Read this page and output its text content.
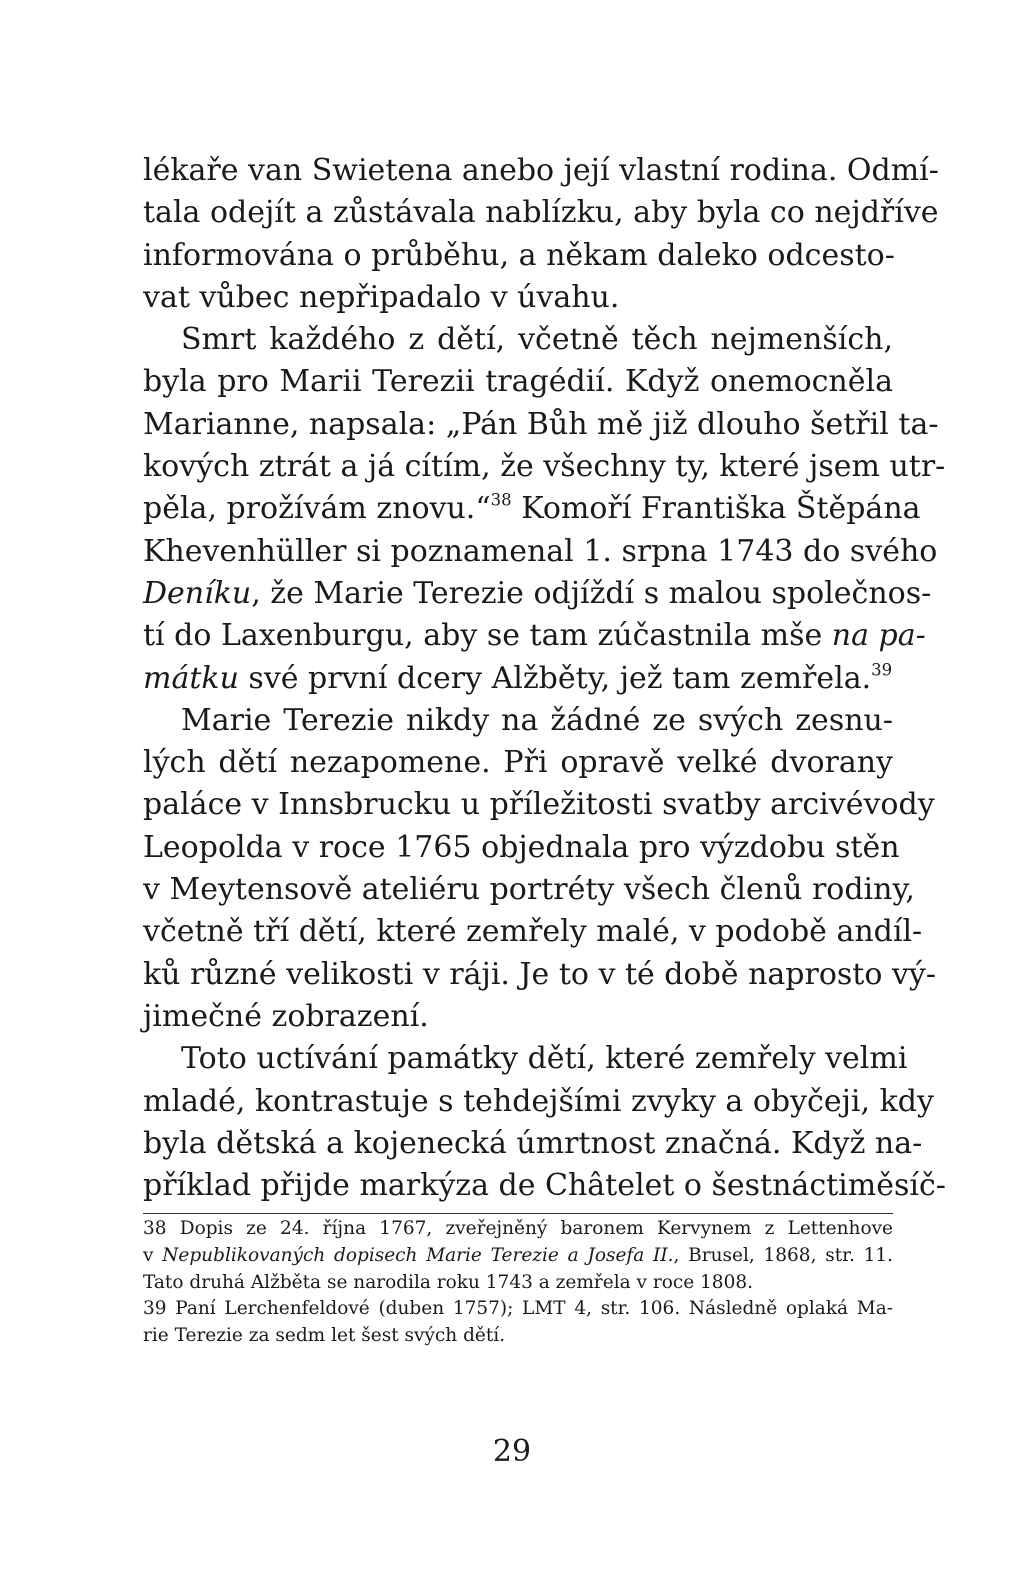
lékaře van Swietena anebo její vlastní rodina. Odmí-
tala odejít a zůstávala nablízku, aby byla co nejdříve
informována o průběhu, a někam daleko odcesto-
vat vůbec nepřipadalo v úvahu.
Smrt každého z dětí, včetně těch nejmenších,
byla pro Marii Terezii tragédií. Když onemocněla
Marianne, napsala: „Pán Bůh mě již dlouho šetřil ta-
kových ztrát a já cítím, že všechny ty, které jsem utr-
pěla, prožívám znovu.“$^{38}$ Komoří Františka Štěpána
Khevenhüller si poznamenal 1. srpna 1743 do svého
Deníku, že Marie Terezie odjíždí s malou společnos-
tí do Laxenburgu, aby se tam zúčastnila mše na pa-
mátku své první dcery Alžběty, jež tam zemřela.$^{39}$
Marie Terezie nikdy na žádné ze svých zesnu-
lých dětí nezapomene. Při opravě velké dvorany
paláce v Innsbrucku u příležitosti svatby arcivévody
Leopolda v roce 1765 objednala pro výzdobu stěn
v Meytensově ateliéru portréty všech členů rodiny,
včetně tří dětí, které zemřely malé, v podobě andíl-
ků různé velikosti v ráji. Je to v té době naprosto vý-
jimečné zobrazení.
Toto uctívání památky dětí, které zemřely velmi
mladé, kontrastuje s tehdejšími zvyky a obyčeji, kdy
byla dětská a kojenecká úmrtnost značná. Když na-
příklad přijde markýza de Châtelet o šestnáctiměsíč-
38 Dopis ze 24. října 1767, zveřejněný baronem Kervynem z Lettenhove
v Nepublikovaných dopisech Marie Terezie a Josefa II., Brusel, 1868, str. 11.
Tato druhá Alžběta se narodila roku 1743 a zemřela v roce 1808.
39 Paní Lerchenfeldové (duben 1757); LMT 4, str. 106. Následně oplaká Ma-
rie Terezie za sedm let šest svých dětí.
29
